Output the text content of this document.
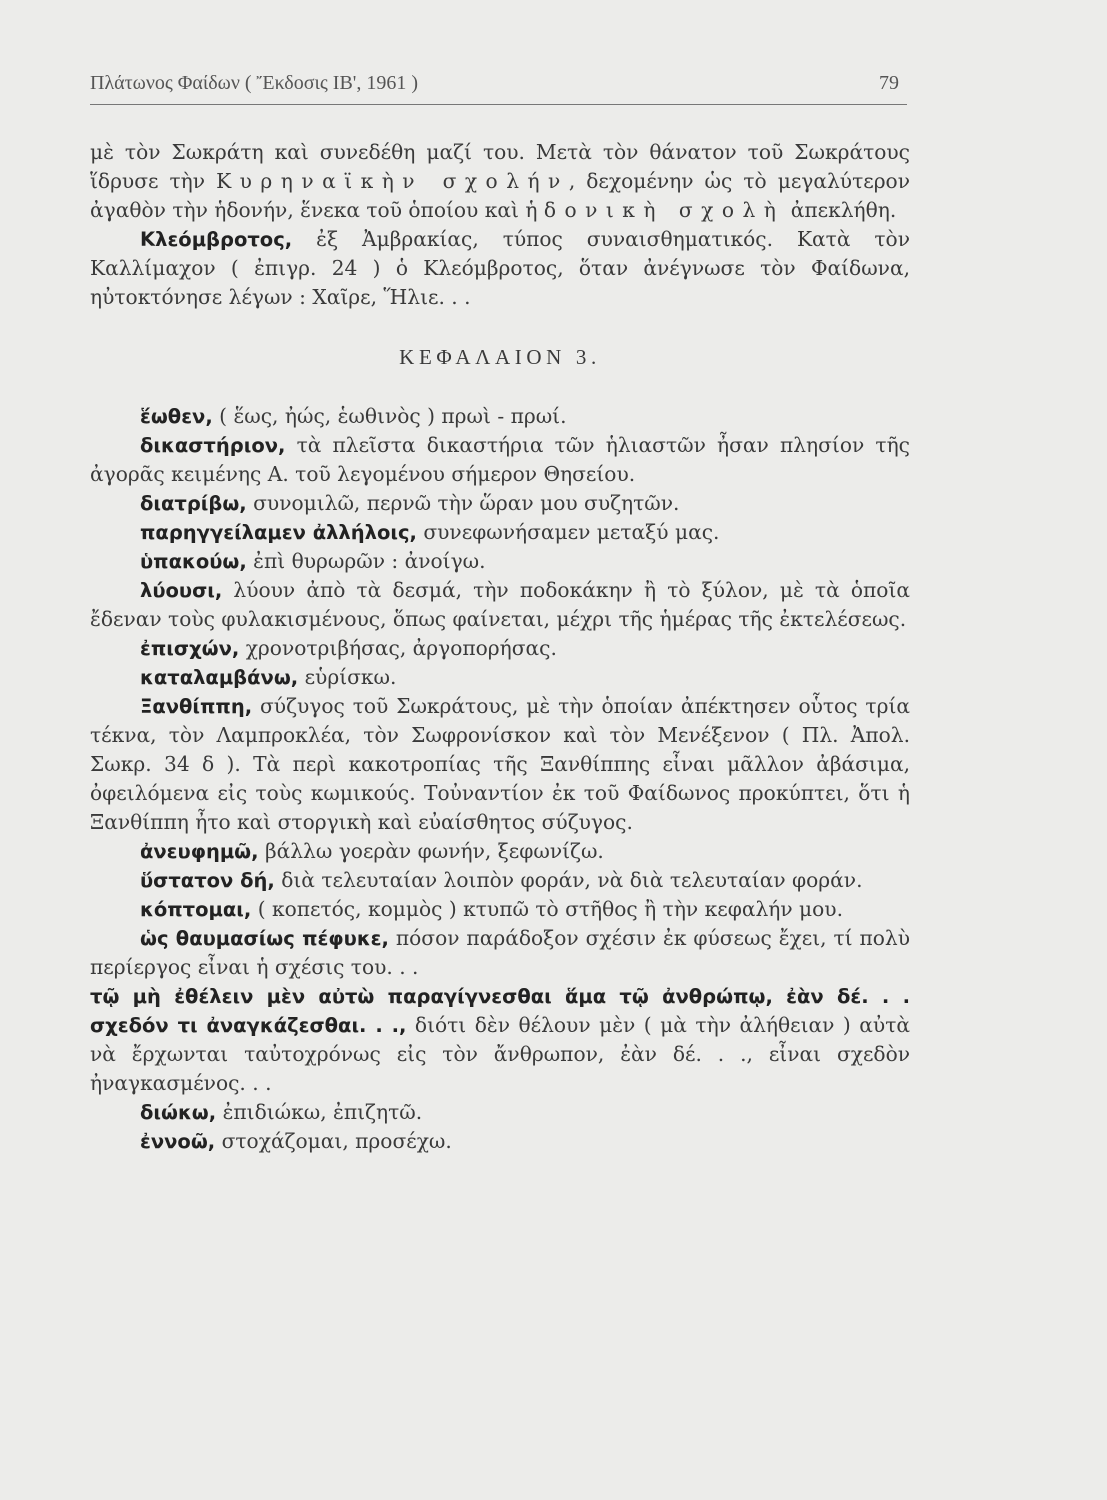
Πλάτωνος Φαίδων ( Ἔκδοσις ΙΒ', 1961 )	79

μὲ τὸν Σωκράτη καὶ συνεδέθη μαζί του. Μετὰ τὸν θάνατον τοῦ Σωκράτους ἵδρυσε τὴν Κυρηναϊκὴν σχολήν, δεχομένην ὡς τὸ μεγαλύτερον ἀγαθὸν τὴν ἡδονήν, ἕνεκα τοῦ ὁποίου καὶ ἡ δονικὴ σχολὴ ἀπεκλήθη.

Κλεόμβροτος, ἐξ Ἀμβρακίας, τύπος συναισθηματικός. Κατὰ τὸν Καλλίμαχον ( ἐπιγρ. 24 ) ὁ Κλεόμβροτος, ὅταν ἀνέγνωσε τὸν Φαίδωνα, ηὐτοκτόνησε λέγων : Χαῖρε, Ἥλιε. . .

ΚΕΦΑΛΑΙΟΝ 3.

ἕωθεν, ( ἕως, ἠώς, ἑωθινὸς ) πρωὶ - πρωί.

δικαστήριον, τὰ πλεῖστα δικαστήρια τῶν ἡλιαστῶν ἦσαν πλησίον τῆς ἀγορᾶς κειμένης Α. τοῦ λεγομένου σήμερον Θησείου.

διατρίβω, συνομιλῶ, περνῶ τὴν ὥραν μου συζητῶν.

παρηγγείλαμεν ἀλλήλοις, συνεφωνήσαμεν μεταξύ μας.

ὑπακούω, ἐπὶ θυρωρῶν : ἀνοίγω.

λύουσι, λύουν ἀπὸ τὰ δεσμά, τὴν ποδοκάκην ἢ τὸ ξύλον, μὲ τὰ ὁποῖα ἔδεναν τοὺς φυλακισμένους, ὅπως φαίνεται, μέχρι τῆς ἡμέρας τῆς ἐκτελέσεως.

ἐπισχών, χρονοτριβήσας, ἀργοπορήσας.

καταλαμβάνω, εὑρίσκω.

Ξανθίππη, σύζυγος τοῦ Σωκράτους, μὲ τὴν ὁποίαν ἀπέκτησεν οὗτος τρία τέκνα, τὸν Λαμπροκλέα, τὸν Σωφρονίσκον καὶ τὸν Μενέξενον ( Πλ. Ἀπολ. Σωκρ. 34 δ ). Τὰ περὶ κακοτροπίας τῆς Ξανθίππης εἶναι μᾶλλον ἀβάσιμα, ὀφειλόμενα εἰς τοὺς κωμικούς. Τοὐναντίον ἐκ τοῦ Φαίδωνος προκύπτει, ὅτι ἡ Ξανθίππη ἦτο καὶ στοργικὴ καὶ εὐαίσθητος σύζυγος.

ἀνευφημῶ, βάλλω γοερὰν φωνήν, ξεφωνίζω.

ὕστατον δή, διὰ τελευταίαν λοιπὸν φοράν, νὰ διὰ τελευταίαν φοράν.

κόπτομαι, ( κοπετός, κομμὸς ) κτυπῶ τὸ στῆθος ἢ τὴν κεφαλήν μου.

ὡς θαυμασίως πέφυκε, πόσον παράδοξον σχέσιν ἐκ φύσεως ἔχει, τί πολὺ περίεργος εἶναι ἡ σχέσις του. . .

τῷ μὴ ἐθέλειν μὲν αὐτὼ παραγίγνεσθαι ἅμα τῷ ἀνθρώπῳ, ἐὰν δέ. . . σχεδόν τι ἀναγκάζεσθαι. . ., διότι δὲν θέλουν μὲν ( μὰ τὴν ἀλήθειαν ) αὐτὰ νὰ ἔρχωνται ταὐτοχρόνως εἰς τὸν ἄνθρωπον, ἐὰν δέ. . ., εἶναι σχεδὸν ἠναγκασμένος. . .

διώκω, ἐπιδιώκω, ἐπιζητῶ.

ἐννοῶ, στοχάζομαι, προσέχω.
